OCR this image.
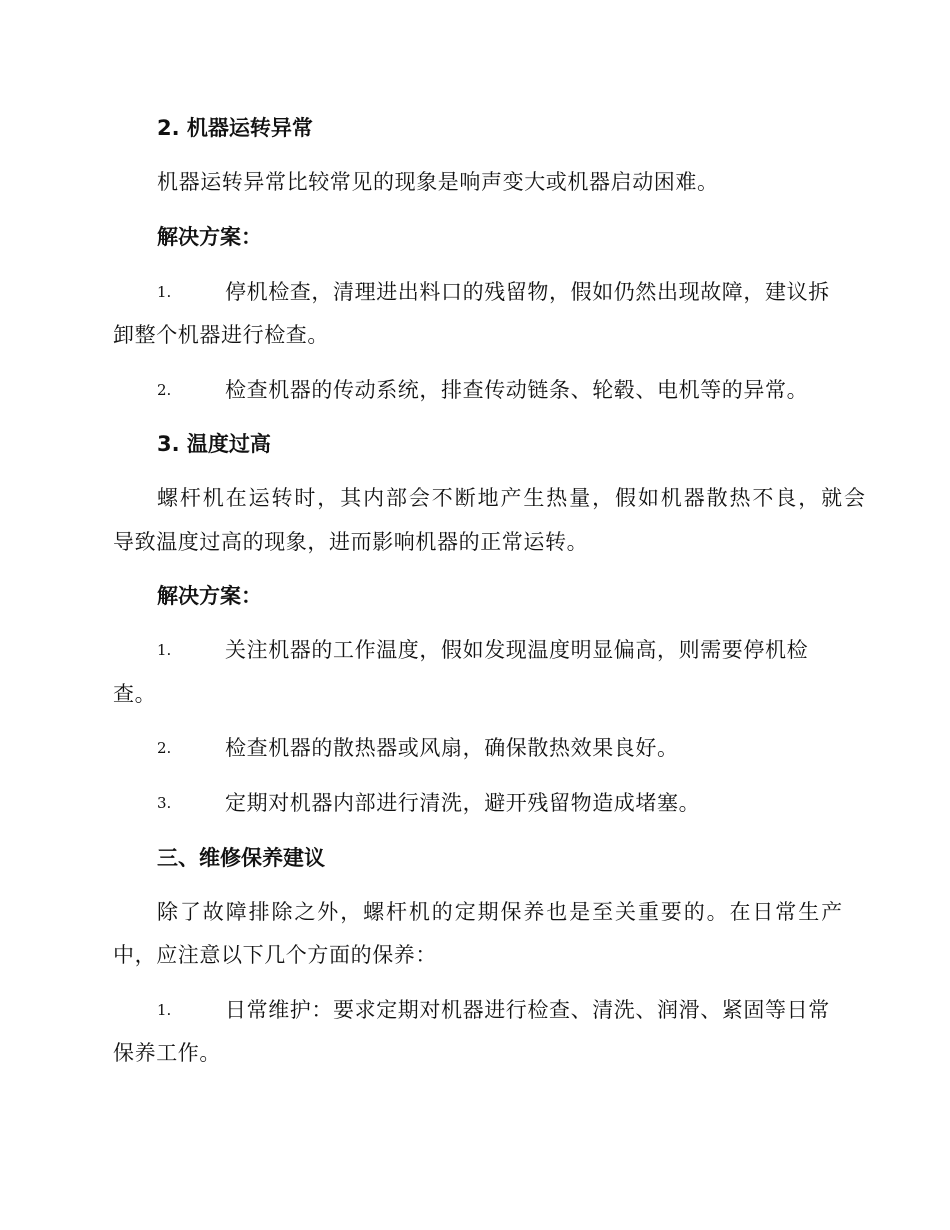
2. 机器运转异常
机器运转异常比较常见的现象是响声变大或机器启动困难。
解决方案：
1.	停机检查，清理进出料口的残留物，假如仍然出现故障，建议拆
卸整个机器进行检查。
2.	检查机器的传动系统，排查传动链条、轮毂、电机等的异常。
3. 温度过高
螺杆机在运转时，其内部会不断地产生热量，假如机器散热不良，就会
导致温度过高的现象，进而影响机器的正常运转。
解决方案：
1.	关注机器的工作温度，假如发现温度明显偏高，则需要停机检
查。
2.	检查机器的散热器或风扇，确保散热效果良好。
3.	定期对机器内部进行清洗，避开残留物造成堵塞。
三、维修保养建议
除了故障排除之外，螺杆机的定期保养也是至关重要的。在日常生产
中，应注意以下几个方面的保养：
1.	日常维护：要求定期对机器进行检查、清洗、润滑、紧固等日常
保养工作。
